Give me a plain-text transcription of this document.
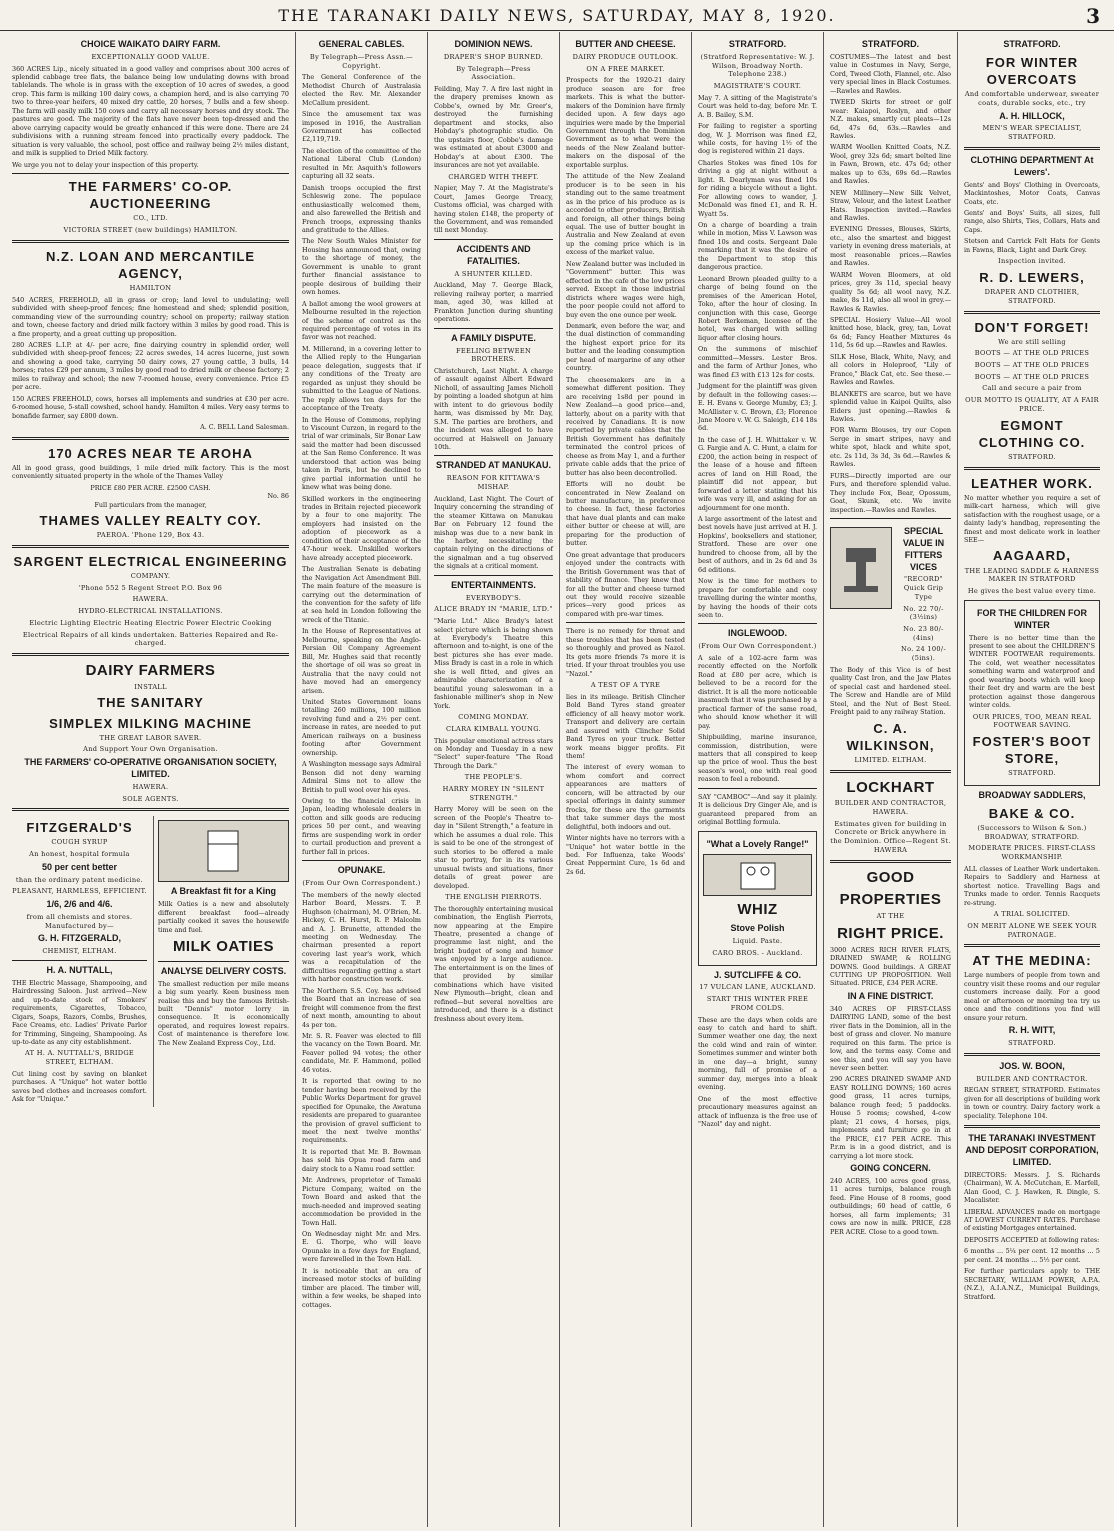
THE TARANAKI DAILY NEWS, SATURDAY, MAY 8, 1920.	3
CHOICE WAIKATO DAIRY FARM.
EXCEPTIONALLY GOOD VALUE.

360 ACRES Lip., nicely situated in a good valley and comprises about 300 acres of splendid cabbage tree flats, the balance being low undulating downs with broad tablelands. The whole is in grass with the exception of 10 acres of swedes, a good crop. This farm is milking 100 dairy cows, a champion herd, and is also carrying 70 two to three-year heifers, 40 mixed dry cattle, 20 horses, 7 bulls and a few sheep. The farm will easily milk 150 cows and carry all necessary horses and dry stock. The pastures are good. The majority of the flats have never been top-dressed and the above carrying capacity would be greatly enhanced if this were done. There are 24 subdivisions with a running stream fenced into practically every paddock. The situation is very valuable, the school, post office and railway being 2½ miles distant, and milk is supplied to Dried Milk factory.

We urge you not to delay your inspection of this property.

THE FARMERS' CO-OP. AUCTIONEERING
CO., LTD.
VICTORIA STREET (new buildings) HAMILTON.
N.Z. LOAN AND MERCANTILE AGENCY,
HAMILTON

540 ACRES, FREEHOLD, all in grass or crop; land level to undulating; well subdivided with sheep-proof fences; fine homestead and shed; splendid position, commanding view of the surrounding country; school on property; railway station and town, cheese factory and dried milk factory within 3 miles by good road. This is a fine property, and a great cutting up proposition.

280 ACRES L.I.P. at 4/- per acre, fine dairying country in splendid order, well subdivided with sheep-proof fences; 22 acres swedes, 14 acres lucerne, just sown and showing a good take, carrying 50 dairy cows, 27 young cattle, 3 bulls, 14 horses; rates £29 per annum, 3 miles by good road to dried milk or cheese factory; 2 miles to railway and school; the new 7-roomed house, every convenience. Price £5 per acre.

150 ACRES FREEHOLD, cows, horses all implements and sundries at £30 per acre. 6-roomed house, 5-stall cowshed, school handy. Hamilton 4 miles. Very easy terms to bonafide farmer, say £800 down.

A. C. BELL Land Salesman.
170 ACRES NEAR TE AROHA

All in good grass, good buildings, 1 mile dried milk factory. This is the most conveniently situated property in the whole of the Thames Valley

PRICE £80 PER ACRE. £2500 CASH.
No. 86
Full particulars from the manager,
THAMES VALLEY REALTY COY.
PAEROA. 'Phone 129, Box 43.
SARGENT ELECTRICAL ENGINEERING
COMPANY.
'Phone 552 5 Regent Street P.O. Box 96
HAWERA.
HYDRO-ELECTRICAL INSTALLATIONS.
Electric Lighting Electric Heating Electric Power Electric Cooking
Electrical Repairs of all kinds undertaken. Batteries Repaired and Re-charged.
DAIRY FARMERS
INSTALL
THE SANITARY
SIMPLEX MILKING MACHINE
THE GREAT LABOR SAVER.
And Support Your Own Organisation.
THE FARMERS' CO-OPERATIVE ORGANISATION SOCIETY, LIMITED.
HAWERA.
SOLE AGENTS.
FITZGERALD'S
COUGH SYRUP
An honest, hospital formula
50 per cent better
than the ordinary patent medicine.
PLEASANT, HARMLESS, EFFICIENT.
1/6, 2/6 and 4/6.
from all chemists and stores. Manufactured by—
G. H. FITZGERALD,
CHEMIST, ELTHAM.
H. A. NUTTALL,

THE Electric Massage, Shampooing, and Hairdressing Saloon. Just arrived—New and up-to-date stock of Smokers' requirements, Cigarettes, Tobacco, Cigars, Soaps, Razors, Combs, Brushes, Face Creams, etc. Ladies' Private Parlor for Trimming, Singeing, Shampooing. As up-to-date as any city establishment.

AT H. A. NUTTALL'S, BRIDGE STREET, ELTHAM.

Cut lining cost by saving on blanket purchases. A "Unique" hot water bottle saves bed clothes and increases comfort. Ask for "Unique."

A Breakfast fit for a King

Milk Oaties is a new and absolutely different breakfast food—already partially cooked it saves the housewife time and fuel.

MILK OATIES
ANALYSE DELIVERY COSTS.

The smallest reduction per mile means a big sum yearly. Keen business men realise this and buy the famous British-built "Dennis" motor lorry in consequence. It is economically operated, and requires lowest repairs. Cost of maintenance is therefore low. The New Zealand Express Coy., Ltd.

GENERAL CABLES.
By Telegraph—Press Assn.—Copyright.

The General Conference of the Methodist Church of Australasia elected the Rev. Mr. Alexander McCallum president.

Since the amusement tax was imposed in 1916, the Australian Government has collected £2,119,719.

The election of the committee of the National Liberal Club (London) resulted in Mr. Asquith's followers capturing all 32 seats.

Danish troops occupied the first Schleswig zone. The populace enthusiastically welcomed them, and also farewelled the British and French troops, expressing thanks and gratitude to the Allies.

The New South Wales Minister for Housing has announced that, owing to the shortage of money, the Government is unable to grant further financial assistance to people desirous of building their own homes.

A ballot among the wool growers at Melbourne resulted in the rejection of the scheme of control as the required percentage of votes in its favor was not reached.

M. Millerand, in a covering letter to the Allied reply to the Hungarian peace delegation, suggests that if any conditions of the Treaty are regarded as unjust they should be submitted to the League of Nations. The reply allows ten days for the acceptance of the Treaty.

In the House of Commons, replying to Viscount Curzon, in regard to the trial of war criminals, Sir Bonar Law said the matter had been discussed at the San Remo Conference. It was understood that action was being taken in Paris, but he declined to give partial information until he knew what was being done.

Skilled workers in the engineering trades in Britain rejected piecework by a four to one majority. The employers had insisted on the adoption of piecework as a condition of their acceptance of the 47-hour week. Unskilled workers have already accepted piecework.

The Australian Senate is debating the Navigation Act Amendment Bill. The main feature of the measure is carrying out the determination of the convention for the safety of life at sea held in London following the wreck of the Titanic.

In the House of Representatives at Melbourne, speaking on the Anglo-Persian Oil Company Agreement Bill, Mr. Hughes said that recently the shortage of oil was so great in Australia that the navy could not have moved had an emergency arisen.

United States Government loans totalling 260 millions, 100 million revolving fund and a 2½ per cent. increase in rates, are needed to put American railways on a business footing after Government ownership.

A Washington message says Admiral Benson did not deny warning Admiral Sims not to allow the British to pull wool over his eyes.

Owing to the financial crisis in Japan, leading wholesale dealers in cotton and silk goods are reducing prices 50 per cent., and weaving firms are suspending work in order to curtail production and prevent a further fall in prices.

OPUNAKE.
(From Our Own Correspondent.)

The members of the newly elected Harbor Board, Messrs. T. P. Hughson (chairman), M. O'Brien, M. Hickey, C. H. Hurst, R. P. Malcolm and A. J. Brunette, attended the meeting on Wednesday. The chairman presented a report covering last year's work, which was a recapitulation of the difficulties regarding getting a start with harbor construction work.

The Northern S.S. Coy. has advised the Board that an increase of sea freight will commence from the first of next month, amounting to about 4s per ton.

Mr. S. R. Feaver was elected to fill the vacancy on the Town Board. Mr. Feaver polled 94 votes; the other candidate, Mr. F. Hammond, polled 46 votes.

It is reported that owing to no tender having been received by the Public Works Department for gravel specified for Opunake, the Awatuna residents are prepared to guarantee the provision of gravel sufficient to meet the next twelve months' requirements.

It is reported that Mr. B. Bowman has sold his Opua road farm and dairy stock to a Namu road settler.

Mr. Andrews, proprietor of Tamaki Picture Company, waited on the Town Board and asked that the much-needed and improved seating accommodation be provided in the Town Hall.

On Wednesday night Mr. and Mrs. E. G. Thorpe, who will leave Opunake in a few days for England, were farewelled in the Town Hall.

It is noticeable that an era of increased motor stocks of building timber are placed. The timber will, within a few weeks, be shaped into cottages.

DOMINION NEWS.
DRAPER'S SHOP BURNED.
By Telegraph—Press Association.

Feilding, May 7. A fire last night in the drapery premises known as Cobbe's, owned by Mr. Greer's, destroyed the furnishing department and stocks, also Hobday's photographic studio. On the upstairs floor, Cobbe's damage was estimated at about £3000 and Hobday's at about £300. The insurances are not yet available.

CHARGED WITH THEFT.

Napier, May 7. At the Magistrate's Court, James George Treacy, Customs official, was charged with having stolen £148, the property of the Government, and was remanded till next Monday.

ACCIDENTS AND FATALITIES.
A SHUNTER KILLED.

Auckland, May 7. George Black, relieving railway porter, a married man, aged 30, was killed at Frankton Junction during shunting operations.

A FAMILY DISPUTE.
FEELING BETWEEN BROTHERS.

Christchurch, Last Night. A charge of assault against Albert Edward Nicholl, of assaulting James Nicholl by pointing a loaded shotgun at him with intent to do grievous bodily harm, was dismissed by Mr. Day, S.M. The parties are brothers, and the incident was alleged to have occurred at Halswell on January 10th.

STRANDED AT MANUKAU.
REASON FOR KITTAWA'S MISHAP.

Auckland, Last Night. The Court of Inquiry concerning the stranding of the steamer Kittawa on Manukau Bar on February 12 found the mishap was due to a new bank in the harbor, necessitating the captain relying on the directions of the signalman and a tug observed the signals at a critical moment.

ENTERTAINMENTS.
EVERYBODY'S.
ALICE BRADY IN "MARIE, LTD."

"Marie Ltd." Alice Brady's latest select picture which is being shown at Everybody's Theatre this afternoon and to-night, is one of the best pictures she has ever made. Miss Brady is cast in a role in which she is well fitted, and gives an admirable characterization of a beautiful young saleswoman in a fashionable milliner's shop in New York.

COMING MONDAY.
CLARA KIMBALL YOUNG.

This popular emotional actress stars on Monday and Tuesday in a new "Select" super-feature "The Road Through the Dark."

THE PEOPLE'S.
HARRY MOREY IN "SILENT STRENGTH."

Harry Morey will be seen on the screen of the People's Theatre to-day in "Silent Strength," a feature in which he assumes a dual role. This is said to be one of the strongest of such stories to be offered a male star to portray, for in its various unusual twists and situations, finer details of great power are developed.

THE ENGLISH PIERROTS.

The thoroughly entertaining musical combination, the English Pierrots, now appearing at the Empire Theatre, presented a change of programme last night, and the bright budget of song and humor was enjoyed by a large audience. The entertainment is on the lines of that provided by similar combinations which have visited New Plymouth—bright, clean and refined—but several novelties are introduced, and there is a distinct freshness about every item.

BUTTER AND CHEESE.
DAIRY PRODUCE OUTLOOK.
ON A FREE MARKET.

Prospects for the 1920-21 dairy produce season are for free markets. This is what the butter-makers of the Dominion have firmly decided upon. A few days ago inquiries were made by the Imperial Government through the Dominion Government as to what were the needs of the New Zealand butter-makers on the disposal of the exportable surplus.

The attitude of the New Zealand producer is to be seen in his standing out to the same treatment as in the price of his produce as is accorded to other producers, British and foreign, all other things being equal. The use of butter bought in Australia and New Zealand at even up the coming price which is in excess of the market value.

New Zealand butter was included in "Government" butter. This was effected in the cafe of the low prices served. Except in those industrial districts where wages were high, the poor people could not afford to buy even the one ounce per week.

Denmark, even before the war, and the dual distinction of commanding the highest export price for its butter and the leading consumption per head of margarine of any other country.

The cheesemakers are in a somewhat different position. They are receiving 1s8d per pound in New Zealand—a good price—and, latterly, about on a parity with that received by Canadians. It is now reported by private cables that the British Government has definitely terminated the control prices of cheese as from May 1, and a further private cable adds that the price of butter has also been decontrolled.

Efforts will no doubt be concentrated in New Zealand on butter manufacture, in preference to cheese. In fact, these factories that have dual plants and can make either butter or cheese at will, are preparing for the production of butter.

One great advantage that producers enjoyed under the contracts with the British Government was that of stability of finance. They knew that for all the butter and cheese turned out they would receive sizeable prices—very good prices as compared with pre-war times.

There is no remedy for threat and these troubles that has been tested so thoroughly and proved as Nazol. Its gets more friends 7s more it is tried. If your throat troubles you use "Nazol."

A TEST OF A TYRE

lies in its mileage. British Clincher Bold Band Tyres stand greater efficiency of all heavy motor work. Transport and delivery are certain and assured with Clincher Solid Band Tyres on your truck. Better work means bigger profits. Fit them!

The interest of every woman to whom comfort and correct appearances are matters of concern, will be attracted by our special offerings in dainty summer frocks, for these are the garments that take summer days the most delightful, both indoors and out.

Winter nights have no terrors with a "Unique" hot water bottle in the bed. For Influenza, take Woods' Great Peppermint Cure, 1s 6d and 2s 6d.

STRATFORD.
(Stratford Representative: W. J. Wilson, Broadway North. Telephone 238.)
MAGISTRATE'S COURT.

May 7. A sitting of the Magistrate's Court was held to-day, before Mr. T. A. B. Bailey, S.M.

For failing to register a sporting dog, W. J. Morrison was fined £2, while costs, for having 1½ of the dog is registered within 21 days.

Charles Stokes was fined 10s for driving a gig at night without a light. R. Dearlyman was fined 10s for riding a bicycle without a light. For allowing cows to wander, J. McDonald was fined £1, and R. H. Wyatt 5s.

On a charge of boarding a train while in motion, Miss V. Lawson was fined 10s and costs. Sergeant Dale remarking that it was the desire of the Department to stop this dangerous practice.

Leonard Brown pleaded guilty to a charge of being found on the premises of the American Hotel, Toko, after the hour of closing. In conjunction with this case, George Robert Berkeman, licensee of the hotel, was charged with selling liquor after closing hours.

On the summons of mischief committed—Messrs. Lester Bros. and the farm of Arthur Jones, who was fined £3 with £13 12s for costs.

Judgment for the plaintiff was given by default in the following cases:—E. H. Evans v. George Mumby, £3; J. McAllister v. C. Brown, £3; Florence Jane Moore v. W. G. Saleigh, £14 18s 6d.

In the case of J. H. Whittaker v. W. G. Fargie and A. C. Hunt, a claim for £200, the action being in respect of the lease of a house and fifteen acres of land on Hill Road, the plaintiff did not appear, but forwarded a letter stating that his wife was very ill, and asking for an adjournment for one month.

A large assortment of the latest and best novels have just arrived at H. J. Hopkins', booksellers and stationer, Stratford. These are over one hundred to choose from, all by the best of authors, and in 2s 6d and 3s 6d editions.

Now is the time for mothers to prepare for comfortable and cosy travelling during the winter months, by having the hoods of their cots seen to.

INGLEWOOD.
(From Our Own Correspondent.)

A sale of a 102-acre farm was recently effected on the Norfolk Road at £80 per acre, which is believed to be a record for the district. It is all the more noticeable inasmuch that it was purchased by a practical farmer of the same road, who should know whether it will pay.

Shipbuilding, marine insurance, commission, distribution, were matters that all conspired to keep up the price of wool. Thus the best season's wool, one with real good reason to feel a rebound.

SAY "CAMBOC"—And say it plainly. It is delicious Dry Ginger Ale, and is guaranteed prepared from an original Bottling formula.

"What a Lovely Range!"
WHIZ
Stove Polish
Liquid. Paste.
CARO BROS. - Auckland.
J. SUTCLIFFE & CO.
17 VULCAN LANE, AUCKLAND.
START THIS WINTER FREE FROM COLDS.

These are the days when colds are easy to catch and hard to shift. Summer weather one day, the next the cold wind and rain of winter. Sometimes summer and winter both in one day—a bright, sunny morning, full of promise of a summer day, merges into a bleak evening.

One of the most effective precautionary measures against an attack of influenza is the free use of "Nazol" day and night.

STRATFORD.

COSTUMES—The latest and best value in Costumes in Navy, Serge, Cord, Tweed Cloth, Flannel, etc. Also very special lines in Black Costumes.—Rawles and Rawles.

TWEED Skirts for street or golf wear: Kaiapoi, Roslyn, and other N.Z. makes, smartly cut pleats—12s 6d, 47s 6d, 63s.—Rawles and Rawles.

WARM Woollen Knitted Coats, N.Z. Wool, grey 32s 6d; smart belted line in Fawn, Brown, etc. 47s 6d; other makes up to 63s, 69s 6d.—Rawles and Rawles.

NEW Millinery—New Silk Velvet, Straw, Velour, and the latest Leather Hats. Inspection invited.—Rawles and Rawles.

EVENING Dresses, Blouses, Skirts, etc., also the smartest and biggest variety in evening dress materials, at most reasonable prices.—Rawles and Rawles.

WARM Woven Bloomers, at old prices, grey 3s 11d, special heavy quality 5s 6d; all wool navy, N.Z. make, 8s 11d, also all wool in grey.—Rawles & Rawles.

SPECIAL Hosiery Value—All wool knitted hose, black, grey, tan, Lovat 6s 6d; Fancy Heather Mixtures 4s 11d, 5s 6d up.—Rawles and Rawles.

SILK Hose, Black, White, Navy, and all colors in Holeproof, "Lily of France," Black Cat, etc. See these.—Rawles and Rawles.

BLANKETS are scarce, but we have splendid value in Kaipoi Quilts, also Eiders just opening.—Rawles & Rawles.

FOR Warm Blouses, try our Copen Serge in smart stripes, navy and white spot, black and white spot, etc. 2s 11d, 3s 3d, 3s 6d.—Rawles & Rawles.

FURS—Directly imported are our Furs, and therefore splendid value. They include Fox, Bear, Opossum, Goat, Skunk, etc. We invite inspection.—Rawles and Rawles.

SPECIAL VALUE IN FITTERS VICES
"RECORD" Quick Grip Type
No. 22 70/- (3½ins)
No. 23 80/- (4ins)
No. 24 100/- (5ins).

The Body of this Vice is of best quality Cast Iron, and the Jaw Plates of special cast and hardened steel. The Screw and Handle are of Mild Steel, and the Nut of Best Steel. Freight paid to any railway Station.

C. A. WILKINSON,
LIMITED. ELTHAM.
LOCKHART
BUILDER AND CONTRACTOR, HAWERA.
Estimates given for building in Concrete or Brick anywhere in the Dominion. Office—Regent St. HAWERA
GOOD
PROPERTIES
AT THE
RIGHT PRICE.

3000 ACRES RICH RIVER FLATS, DRAINED SWAMP, & ROLLING DOWNS. Good buildings. A GREAT CUTTING UP PROPOSITION. Well Situated. PRICE, £34 PER ACRE.

IN A FINE DISTRICT.

340 ACRES OF FIRST-CLASS DAIRYING LAND, some of the best river flats in the Dominion, all in the best of grass and clover. No manure required on this farm. The price is low, and the terms easy. Come and see this, and you will say you have never seen better.

290 ACRES DRAINED SWAMP AND EASY ROLLING DOWNS; 160 acres good grass, 11 acres turnips, balance rough feed; 5 paddocks. House 5 rooms; cowshed, 4-cow plant; 21 cows, 4 horses, pigs, implements and furniture go in at the PRICE, £17 PER ACRE. This P.r.m is in a good district, and is carrying a lot more stock.

GOING CONCERN.

240 ACRES, 100 acres good grass, 11 acres turnips, balance rough feed. Fine House of 8 rooms, good outbuildings; 60 head of cattle, 6 horses, all farm implements; 31 cows are now in milk. PRICE, £28 PER ACRE. Close to a good town.

STRATFORD.
FOR WINTER OVERCOATS
And comfortable underwear, sweater coats, durable socks, etc., try
A. H. HILLOCK,
MEN'S WEAR SPECIALIST, STRATFORD.
CLOTHING DEPARTMENT At Lewers'.

Gents' and Boys' Clothing in Overcoats, Mackintoshes, Motor Coats, Canvas Coats, etc.

Gents' and Boys' Suits, all sizes, full range, also Shirts, Ties, Collars, Hats and Caps.

Stetson and Carrick Felt Hats for Gents in Fawns, Black, Light and Dark Grey.

Inspection invited.
R. D. LEWERS,
DRAPER AND CLOTHIER, STRATFORD.
DON'T FORGET!
We are still selling
BOOTS — AT THE OLD PRICES
BOOTS — AT THE OLD PRICES
BOOTS — AT THE OLD PRICES
Call and secure a pair from
OUR MOTTO IS QUALITY, AT A FAIR PRICE.
EGMONT CLOTHING CO.
STRATFORD.
LEATHER WORK.

No matter whether you require a set of milk-cart harness, which will give satisfaction with the roughest usage, or a dainty lady's handbag, representing the finest and most delicate work in leather SEE—

AAGAARD,
THE LEADING SADDLE & HARNESS MAKER IN STRATFORD
He gives the best value every time.
FOR THE CHILDREN FOR WINTER

There is no better time than the present to see about the CHILDREN'S WINTER FOOTWEAR requirements. The cold, wet weather necessitates something warm and waterproof and good wearing boots which will keep their feet dry and warm are the best protection against those dangerous winter colds.

OUR PRICES, TOO, MEAN REAL FOOTWEAR SAVING.
FOSTER'S BOOT STORE,
STRATFORD.
BROADWAY SADDLERS,
BAKE & CO.
(Successors to Wilson & Son.) BROADWAY, STRATFORD.
MODERATE PRICES. FIRST-CLASS WORKMANSHIP.

ALL classes of Leather Work undertaken. Repairs to Saddlery and Harness at shortest notice. Travelling Bags and Trunks made to order. Tennis Racquets re-strung.

A TRIAL SOLICITED.
ON MERIT ALONE WE SEEK YOUR PATRONAGE.
AT THE MEDINA:

Large numbers of people from town and country visit these rooms and our regular customers increase daily. For a good meal or afternoon or morning tea try us once and the conditions you find will ensure your return.

R. H. WITT,
STRATFORD.
JOS. W. BOON,
BUILDER AND CONTRACTOR.

REGAN STREET, STRATFORD. Estimates given for all descriptions of building work in town or country. Dairy factory work a speciality. Telephone 104.

THE TARANAKI INVESTMENT AND DEPOSIT CORPORATION, LIMITED.

DIRECTORS: Messrs. J. S. Richards (Chairman), W. A. McCutchan, E. Marfell, Alan Good, C. J. Hawken, R. Dingle, S. Macalister.

LIBERAL ADVANCES made on mortgage AT LOWEST CURRENT RATES. Purchase of existing Mortgages entertained.

DEPOSITS ACCEPTED at following rates:

6 months ... 5¼ per cent. 12 months ... 5 per cent. 24 months ... 5½ per cent.

For further particulars apply to THE SECRETARY, WILLIAM POWER, A.P.A. (N.Z.), A.I.A.N.Z., Municipal Buildings, Stratford.
